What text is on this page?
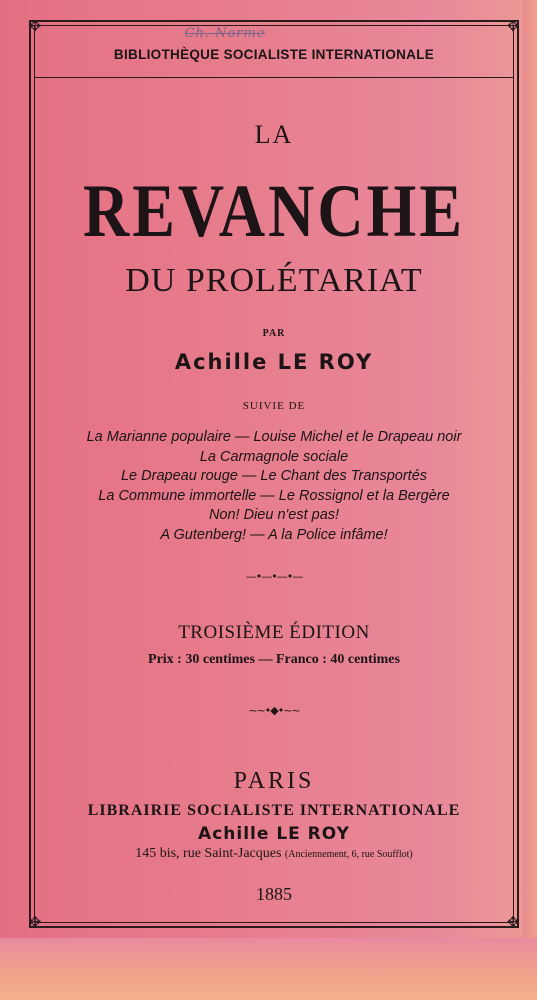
✥	✥
✥	✥
Ch. Norme
BIBLIOTHÈQUE SOCIALISTE INTERNATIONALE
LA
REVANCHE
DU PROLÉTARIAT
PAR
Achille LE ROY
SUIVIE DE
La Marianne populaire — Louise Michel et le Drapeau noir
La Carmagnole sociale
Le Drapeau rouge — Le Chant des Transportés
La Commune immortelle — Le Rossignol et la Bergère
Non! Dieu n'est pas!
A Gutenberg! — A la Police infâme!
—•—•—•—
TROISIÈME ÉDITION
Prix : 30 centimes — Franco : 40 centimes
~~•◆•~~
PARIS
LIBRAIRIE SOCIALISTE INTERNATIONALE
Achille LE ROY
145 bis, rue Saint-Jacques (Anciennement, 6, rue Soufflot)
1885
